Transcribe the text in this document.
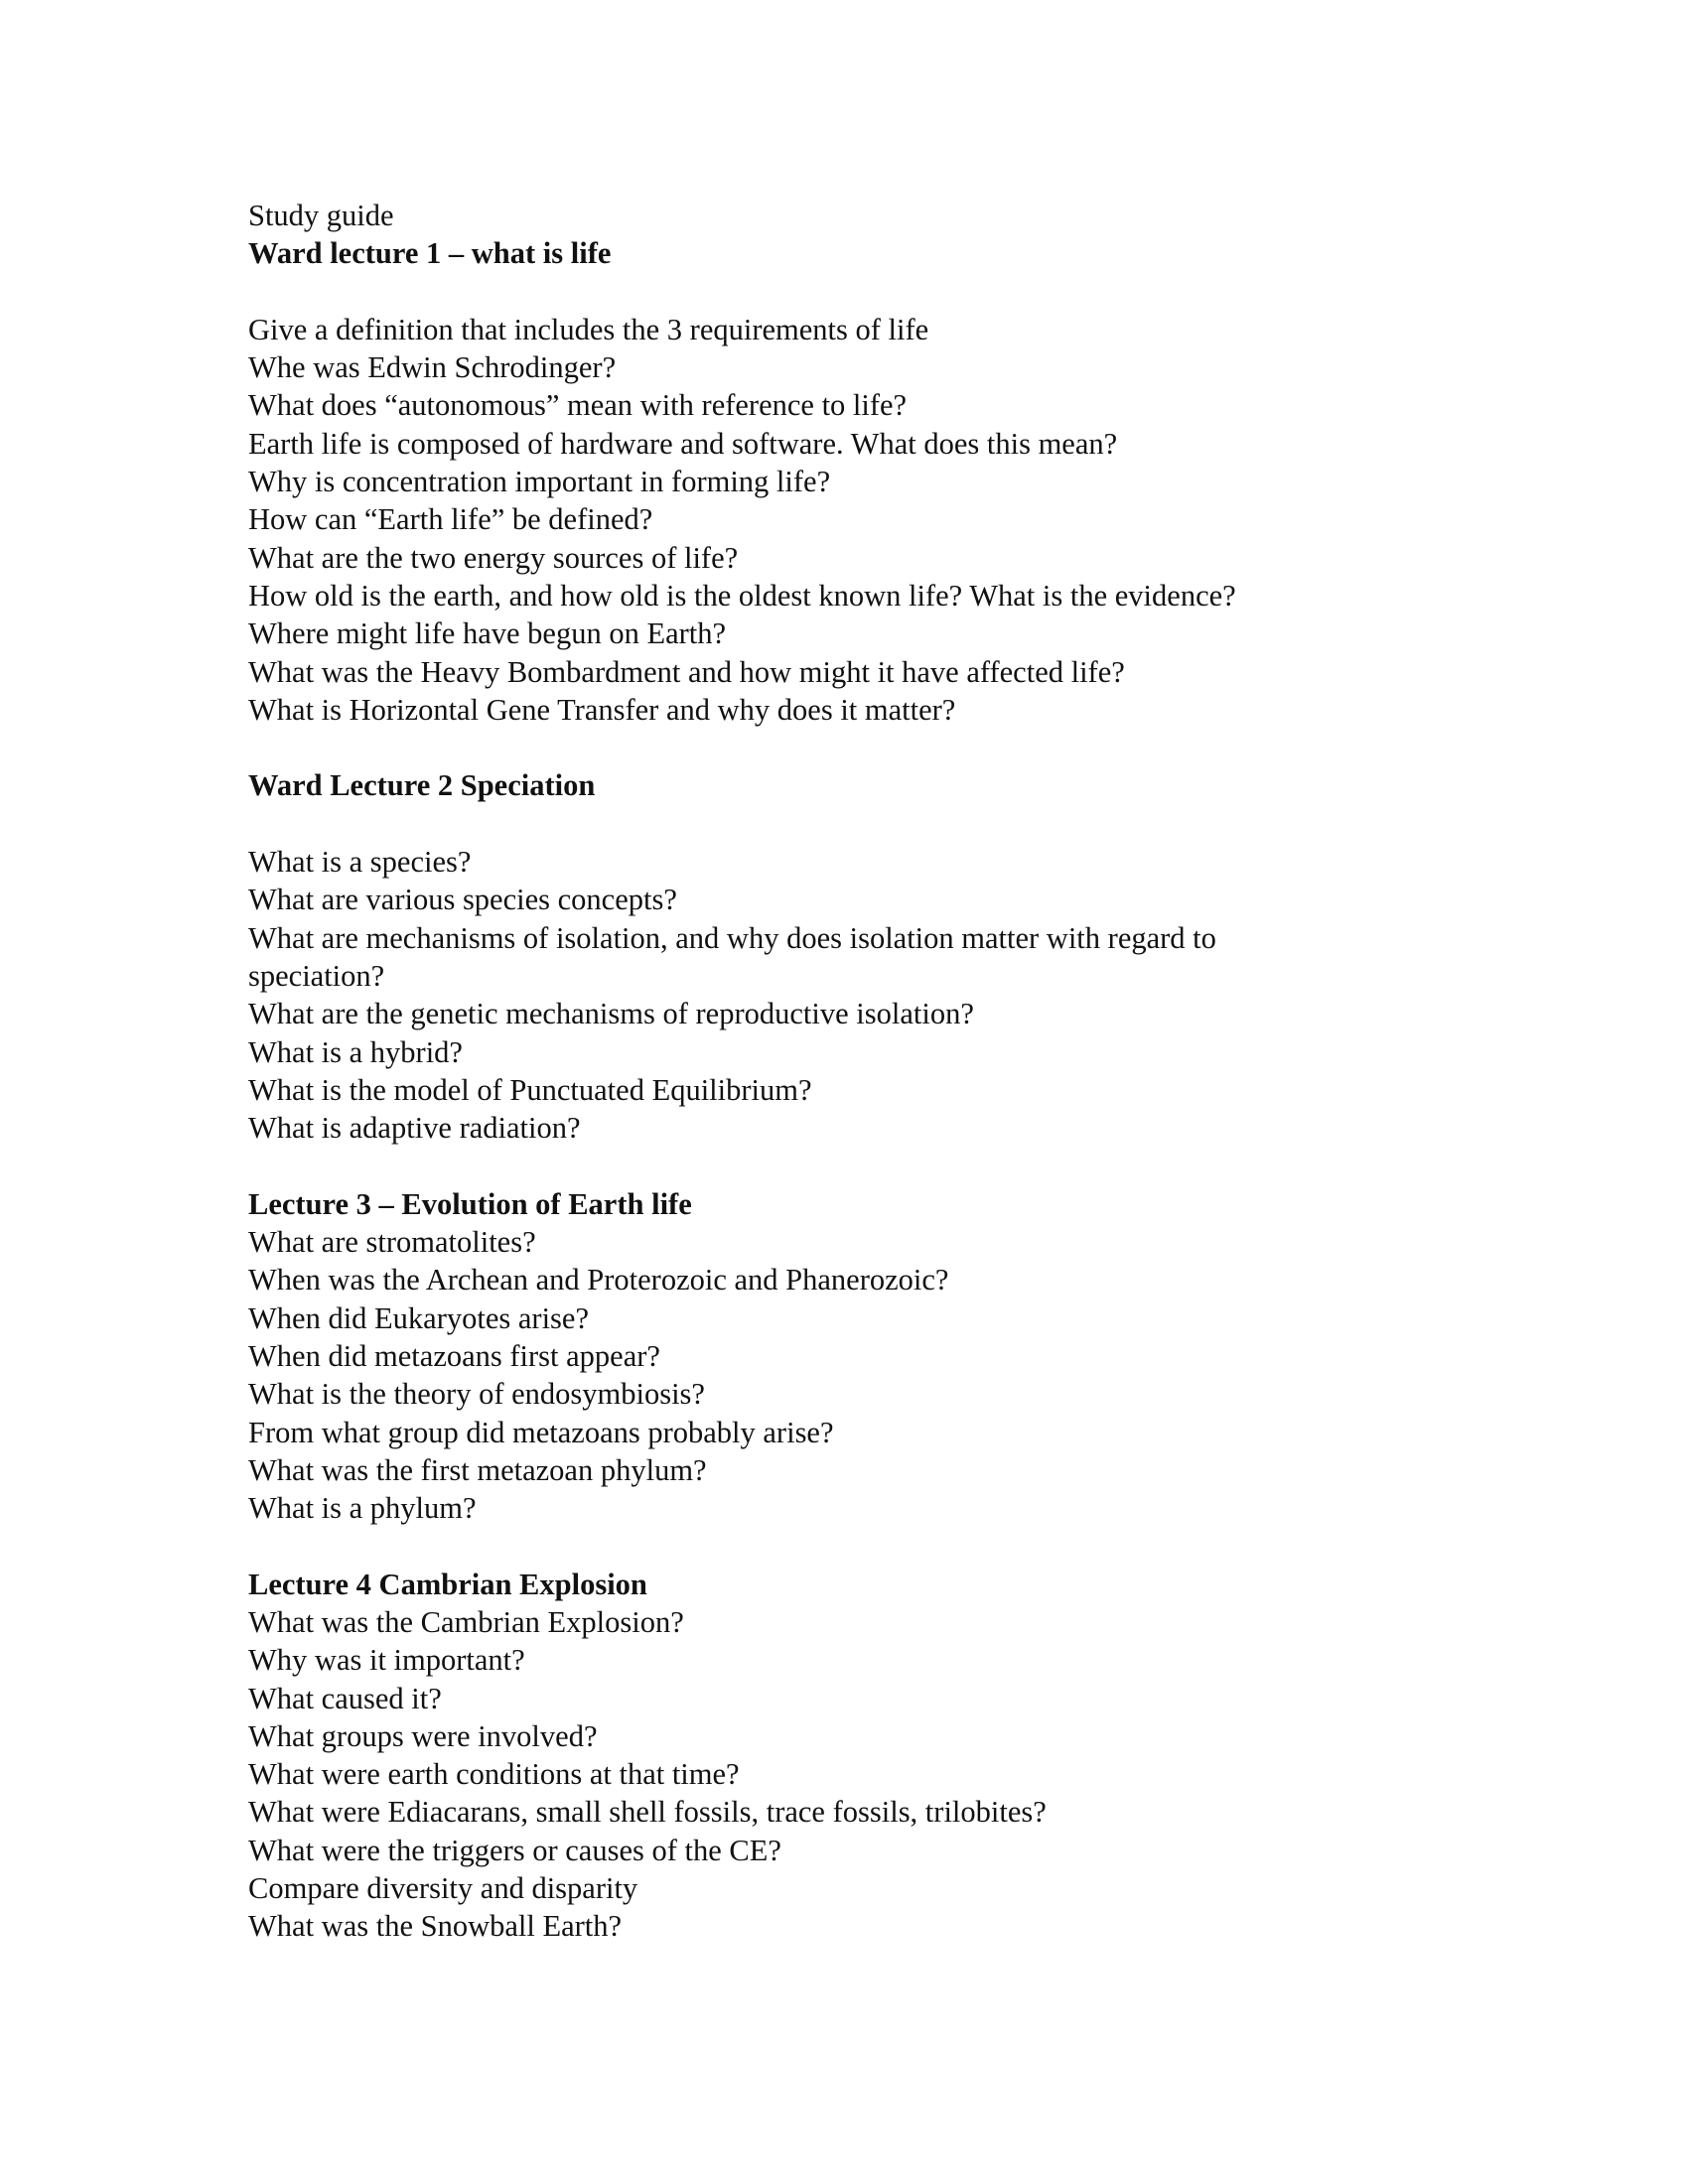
Study guide
Ward lecture 1 – what is life
Give a definition that includes the 3 requirements of life
Whe was Edwin Schrodinger?
What does “autonomous” mean with reference to life?
Earth life is composed of hardware and software. What does this mean?
Why is concentration important in forming life?
How can “Earth life” be defined?
What are the two energy sources of life?
How old is the earth, and how old is the oldest known life? What is the evidence?
Where might life have begun on Earth?
What was the Heavy Bombardment and how might it have affected life?
What is Horizontal Gene Transfer and why does it matter?
Ward Lecture 2 Speciation
What is a species?
What are various species concepts?
What are mechanisms of isolation, and why does isolation matter with regard to speciation?
What are the genetic mechanisms of reproductive isolation?
What is a hybrid?
What is the model of Punctuated Equilibrium?
What is adaptive radiation?
Lecture 3 – Evolution of Earth life
What are stromatolites?
When was the Archean and Proterozoic and Phanerozoic?
When did Eukaryotes arise?
When did metazoans first appear?
What is the theory of endosymbiosis?
From what group did metazoans probably arise?
What was the first metazoan phylum?
What is a phylum?
Lecture 4 Cambrian Explosion
What was the Cambrian Explosion?
Why was it important?
What caused it?
What groups were involved?
What were earth conditions at that time?
What were Ediacarans, small shell fossils, trace fossils, trilobites?
What were the triggers or causes of the CE?
Compare diversity and disparity
What was the Snowball Earth?
